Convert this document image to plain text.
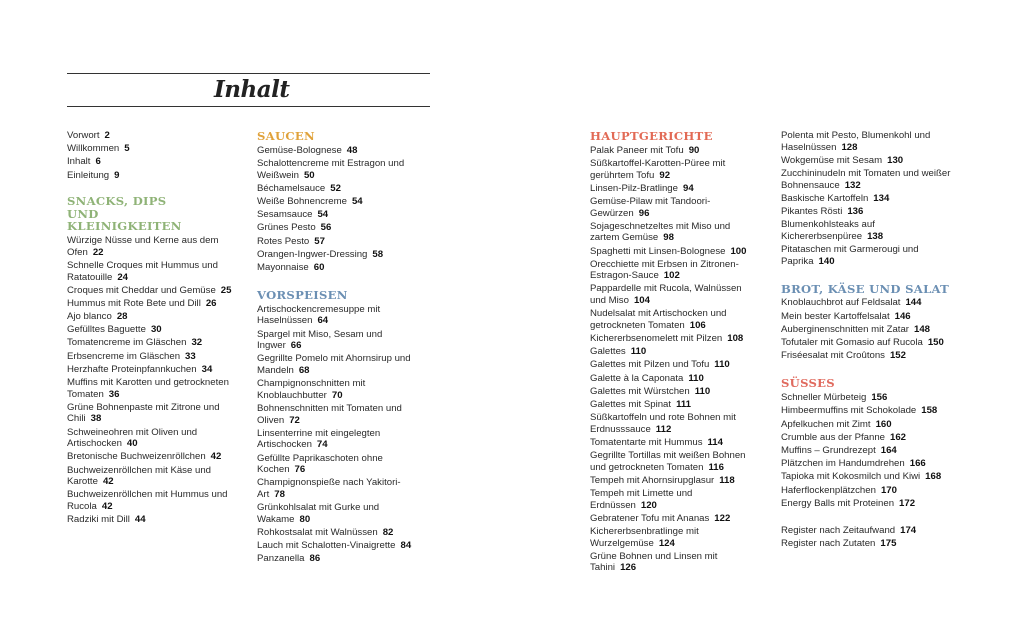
Inhalt
Vorwort 2
Willkommen 5
Inhalt 6
Einleitung 9
SNACKS, DIPS UND KLEINIGKEITEN
Würzige Nüsse und Kerne aus dem Ofen 22
Schnelle Croques mit Hummus und Ratatouille 24
Croques mit Cheddar und Gemüse 25
Hummus mit Rote Bete und Dill 26
Ajo blanco 28
Gefülltes Baguette 30
Tomatencreme im Gläschen 32
Erbsencreme im Gläschen 33
Herzhafte Proteinpfannkuchen 34
Muffins mit Karotten und getrockneten Tomaten 36
Grüne Bohnenpaste mit Zitrone und Chili 38
Schweineohren mit Oliven und Artischocken 40
Bretonische Buchweizenröllchen 42
Buchweizenröllchen mit Käse und Karotte 42
Buchweizenröllchen mit Hummus und Rucola 42
Radziki mit Dill 44
SAUCEN
Gemüse-Bolognese 48
Schalottencreme mit Estragon und Weißwein 50
Béchamelsauce 52
Weiße Bohnencreme 54
Sesamsauce 54
Grünes Pesto 56
Rotes Pesto 57
Orangen-Ingwer-Dressing 58
Mayonnaise 60
VORSPEISEN
Artischockencremesuppe mit Haselnüssen 64
Spargel mit Miso, Sesam und Ingwer 66
Gegrillte Pomelo mit Ahornsirup und Mandeln 68
Champignonschnitten mit Knoblauchbutter 70
Bohnenschnitten mit Tomaten und Oliven 72
Linsenterrine mit eingelegten Artischocken 74
Gefüllte Paprikaschoten ohne Kochen 76
Champignonspieße nach Yakitori-Art 78
Grünkohlsalat mit Gurke und Wakame 80
Rohkostsalat mit Walnüssen 82
Lauch mit Schalotten-Vinaigrette 84
Panzanella 86
HAUPTGERICHTE
Palak Paneer mit Tofu 90
Süßkartoffel-Karotten-Püree mit gerührtem Tofu 92
Linsen-Pilz-Bratlinge 94
Gemüse-Pilaw mit Tandoori-Gewürzen 96
Sojageschnetzeltes mit Miso und zartem Gemüse 98
Spaghetti mit Linsen-Bolognese 100
Orecchiette mit Erbsen in Zitronen-Estragon-Sauce 102
Pappardelle mit Rucola, Walnüssen und Miso 104
Nudelsalat mit Artischocken und getrockneten Tomaten 106
Kichererbsenomelett mit Pilzen 108
Galettes 110
Galettes mit Pilzen und Tofu 110
Galette à la Caponata 110
Galettes mit Würstchen 110
Galettes mit Spinat 111
Süßkartoffeln und rote Bohnen mit Erdnusssauce 112
Tomatentarte mit Hummus 114
Gegrillte Tortillas mit weißen Bohnen und getrockneten Tomaten 116
Tempeh mit Ahornsirupglasur 118
Tempeh mit Limette und Erdnüssen 120
Gebratener Tofu mit Ananas 122
Kichererbsenbratlinge mit Wurzelgemüse 124
Grüne Bohnen und Linsen mit Tahini 126
Polenta mit Pesto, Blumenkohl und Haselnüssen 128
Wokgemüse mit Sesam 130
Zucchininudeln mit Tomaten und weißer Bohnensauce 132
Baskische Kartoffeln 134
Pikantes Rösti 136
Blumenkohlsteaks auf Kichererbsenpüree 138
Pitataschen mit Garmerougi und Paprika 140
BROT, KÄSE UND SALAT
Knoblauchbrot auf Feldsalat 144
Mein bester Kartoffelsalat 146
Auberginenschnitten mit Zatar 148
Tofutaler mit Gomasio auf Rucola 150
Friséesalat mit Croûtons 152
SÜSSES
Schneller Mürbeteig 156
Himbeermuffins mit Schokolade 158
Apfelkuchen mit Zimt 160
Crumble aus der Pfanne 162
Muffins – Grundrezept 164
Plätzchen im Handumdrehen 166
Tapioka mit Kokosmilch und Kiwi 168
Haferflockenplätzchen 170
Energy Balls mit Proteinen 172
Register nach Zeitaufwand 174
Register nach Zutaten 175
